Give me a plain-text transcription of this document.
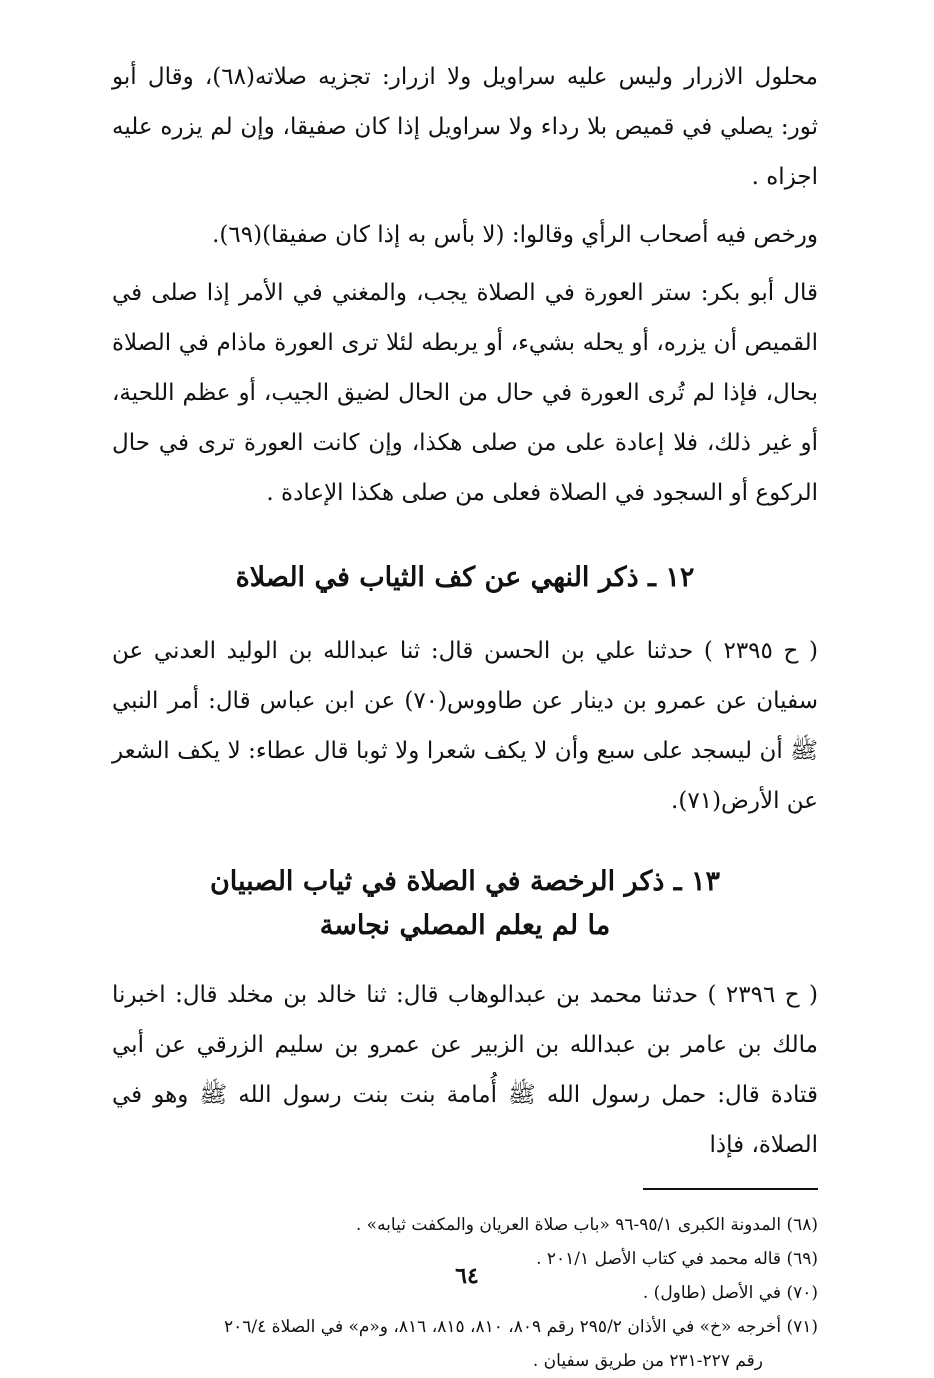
محلول الازرار وليس عليه سراويل ولا ازرار: تجزيه صلاته(٦٨)، وقال أبو ثور: يصلي في قميص بلا رداء ولا سراويل إذا كان صفيقا، وإن لم يزره عليه اجزاه .

ورخص فيه أصحاب الرأي وقالوا: (لا بأس به إذا كان صفيقا)(٦٩).

قال أبو بكر: ستر العورة في الصلاة يجب، والمغني في الأمر إذا صلى في القميص أن يزره، أو يحله بشيء، أو يربطه لئلا ترى العورة ماذام في الصلاة بحال، فإذا لم تُرى العورة في حال من الحال لضيق الجيب، أو عظم اللحية، أو غير ذلك، فلا إعادة على من صلى هكذا، وإن كانت العورة ترى في حال الركوع أو السجود في الصلاة فعلى من صلى هكذا الإعادة .

١٢ ـ ذكر النهي عن كف الثياب في الصلاة

( ح ٢٣٩٥ ) حدثنا علي بن الحسن قال: ثنا عبدالله بن الوليد العدني عن سفيان عن عمرو بن دينار عن طاووس(٧٠) عن ابن عباس قال: أمر النبي ﷺ أن ليسجد على سبع وأن لا يكف شعرا ولا ثوبا قال عطاء: لا يكف الشعر عن الأرض(٧١).

١٣ ـ ذكر الرخصة في الصلاة في ثياب الصبيان
ما لم يعلم المصلي نجاسة

( ح ٢٣٩٦ ) حدثنا محمد بن عبدالوهاب قال: ثنا خالد بن مخلد قال: اخبرنا مالك بن عامر بن عبدالله بن الزبير عن عمرو بن سليم الزرقي عن أبي قتادة قال: حمل رسول الله ﷺ أُمامة بنت بنت رسول الله ﷺ وهو في الصلاة، فإذا

(٦٨) المدونة الكبرى ٩٥/١-٩٦ «باب صلاة العريان والمكفت ثيابه» .

(٦٩) قاله محمد في كتاب الأصل ٢٠١/١ .

(٧٠) في الأصل (طاول) .

(٧١) أخرجه «خ» في الأذان ٢٩٥/٢ رقم ٨٠٩، ٨١٠، ٨١٥، ٨١٦، و«م» في الصلاة ٢٠٦/٤

رقم ٢٢٧-٢٣١ من طريق سفيان .

٦٤
